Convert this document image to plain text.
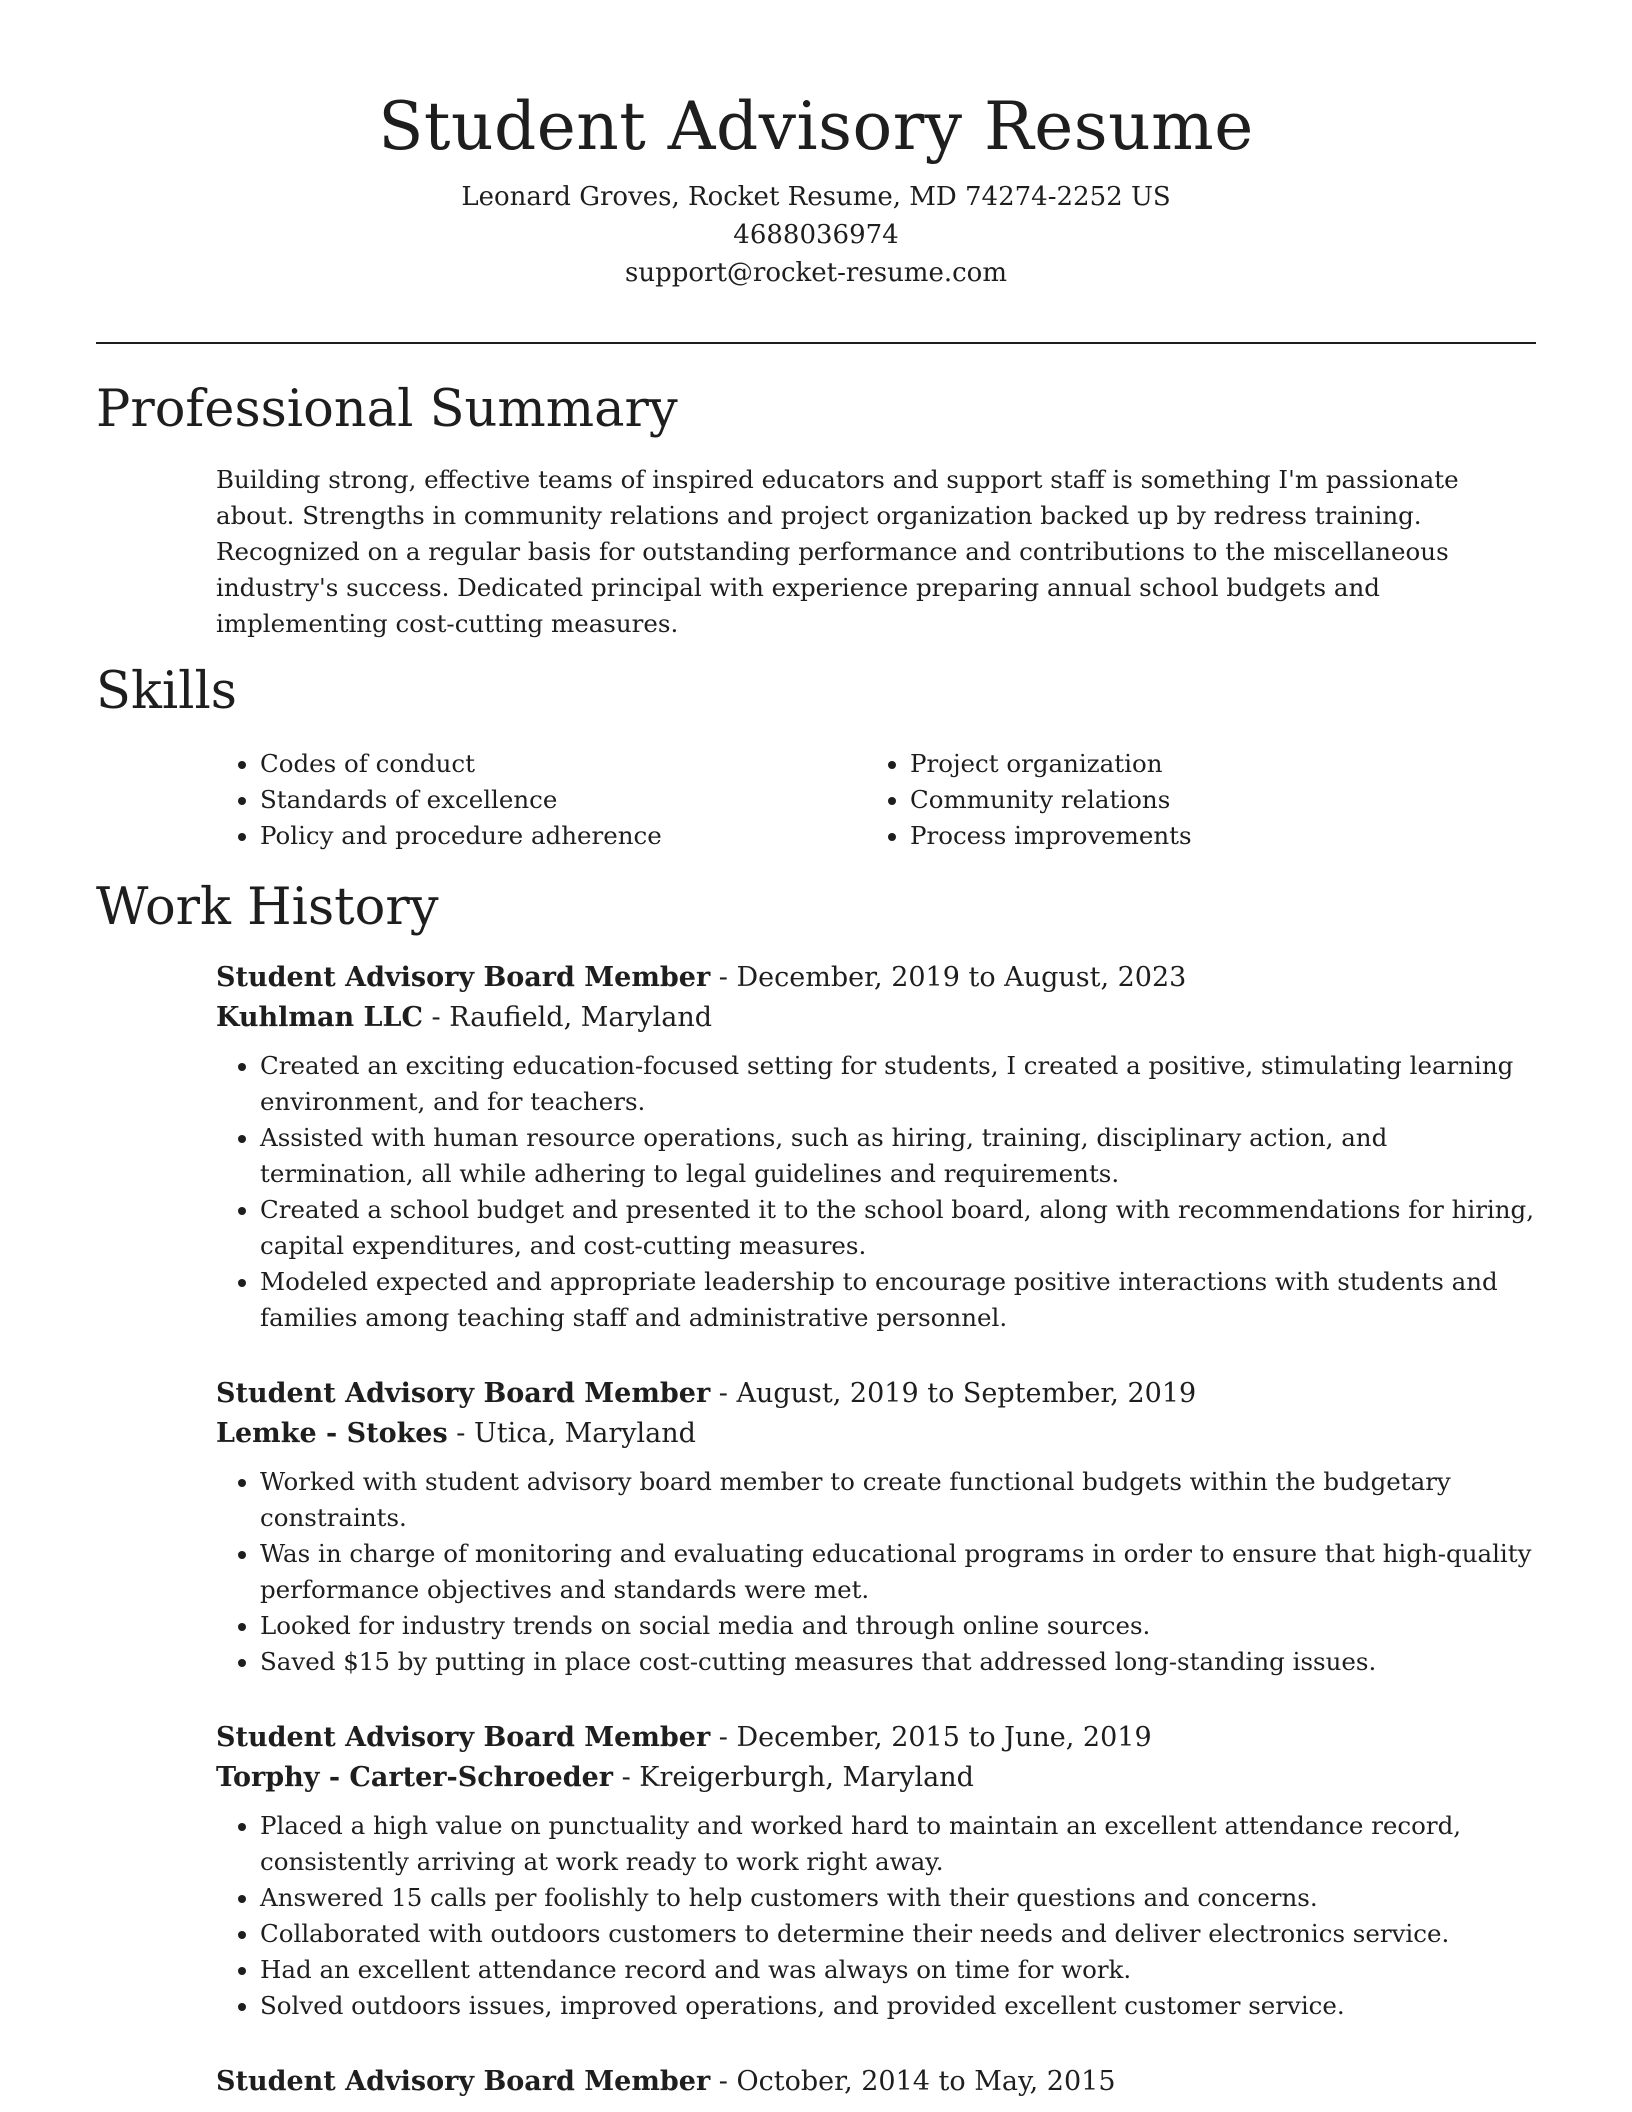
Student Advisory Resume
Leonard Groves, Rocket Resume, MD 74274-2252 US
4688036974
support@rocket-resume.com
Professional Summary
Building strong, effective teams of inspired educators and support staff is something I'm passionate about. Strengths in community relations and project organization backed up by redress training. Recognized on a regular basis for outstanding performance and contributions to the miscellaneous industry's success. Dedicated principal with experience preparing annual school budgets and implementing cost-cutting measures.
Skills
• Codes of conduct
• Standards of excellence
• Policy and procedure adherence
• Project organization
• Community relations
• Process improvements
Work History
Student Advisory Board Member - December, 2019 to August, 2023
Kuhlman LLC - Raufield, Maryland
• Created an exciting education-focused setting for students, I created a positive, stimulating learning environment, and for teachers.
• Assisted with human resource operations, such as hiring, training, disciplinary action, and termination, all while adhering to legal guidelines and requirements.
• Created a school budget and presented it to the school board, along with recommendations for hiring, capital expenditures, and cost-cutting measures.
• Modeled expected and appropriate leadership to encourage positive interactions with students and families among teaching staff and administrative personnel.
Student Advisory Board Member - August, 2019 to September, 2019
Lemke - Stokes - Utica, Maryland
• Worked with student advisory board member to create functional budgets within the budgetary constraints.
• Was in charge of monitoring and evaluating educational programs in order to ensure that high-quality performance objectives and standards were met.
• Looked for industry trends on social media and through online sources.
• Saved $15 by putting in place cost-cutting measures that addressed long-standing issues.
Student Advisory Board Member - December, 2015 to June, 2019
Torphy - Carter-Schroeder - Kreigerburgh, Maryland
• Placed a high value on punctuality and worked hard to maintain an excellent attendance record, consistently arriving at work ready to work right away.
• Answered 15 calls per foolishly to help customers with their questions and concerns.
• Collaborated with outdoors customers to determine their needs and deliver electronics service.
• Had an excellent attendance record and was always on time for work.
• Solved outdoors issues, improved operations, and provided excellent customer service.
Student Advisory Board Member - October, 2014 to May, 2015
